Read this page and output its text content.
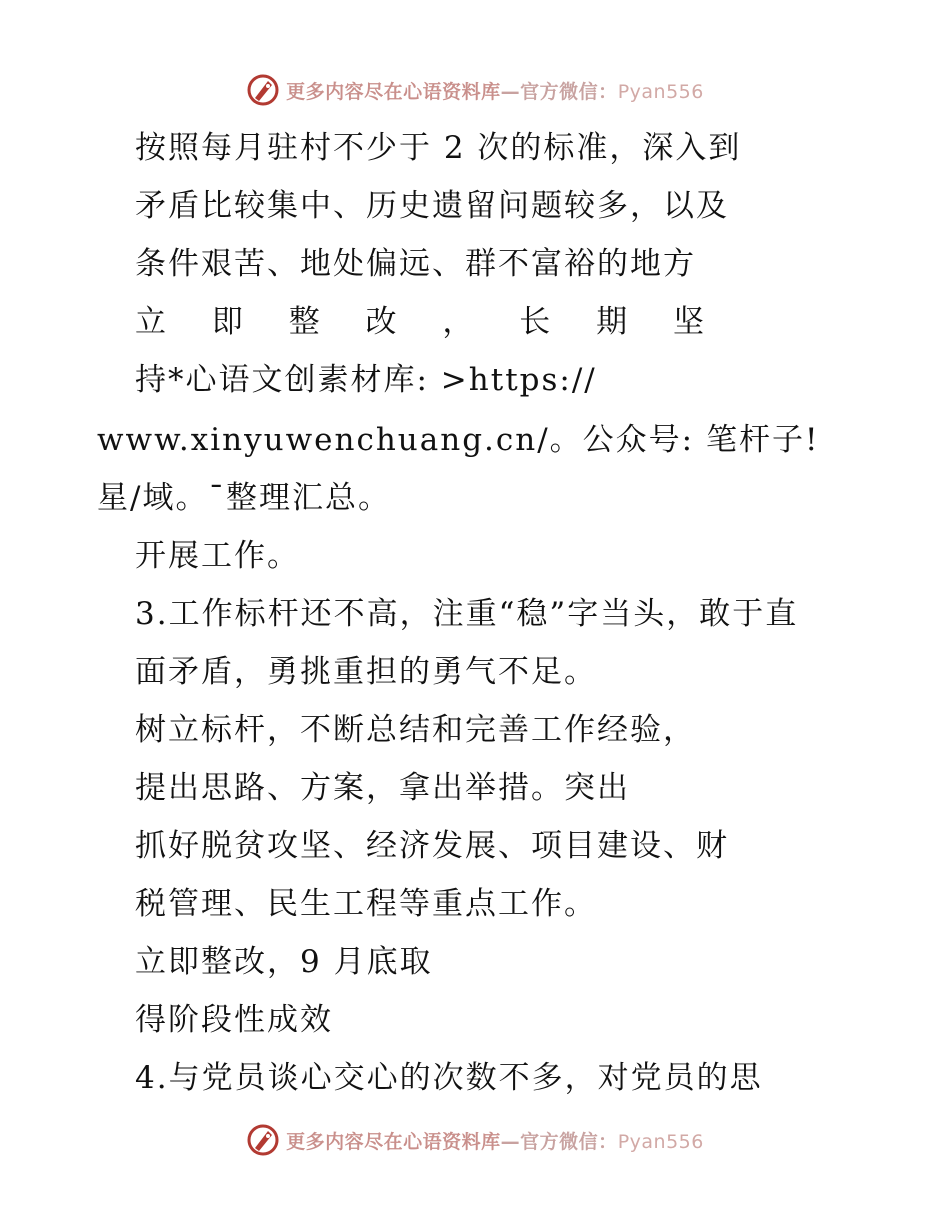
更多内容尽在心语资料库—官方微信：Pyan556
按照每月驻村不少于 2 次的标准，深入到
矛盾比较集中、历史遗留问题较多，以及
条件艰苦、地处偏远、群不富裕的地方
立 即 整 改 ， 长 期 坚
持*心语文创素材库: >https://
www.xinyuwenchuang.cn/。公众号: 笔杆子!
星/域。¯整理汇总。
开展工作。
3.工作标杆还不高，注重“稳”字当头，敢于直
面矛盾，勇挑重担的勇气不足。
树立标杆，不断总结和完善工作经验，
提出思路、方案，拿出举措。突出
抓好脱贫攻坚、经济发展、项目建设、财
税管理、民生工程等重点工作。
立即整改，9 月底取
得阶段性成效
4.与党员谈心交心的次数不多，对党员的思
更多内容尽在心语资料库—官方微信：Pyan556
